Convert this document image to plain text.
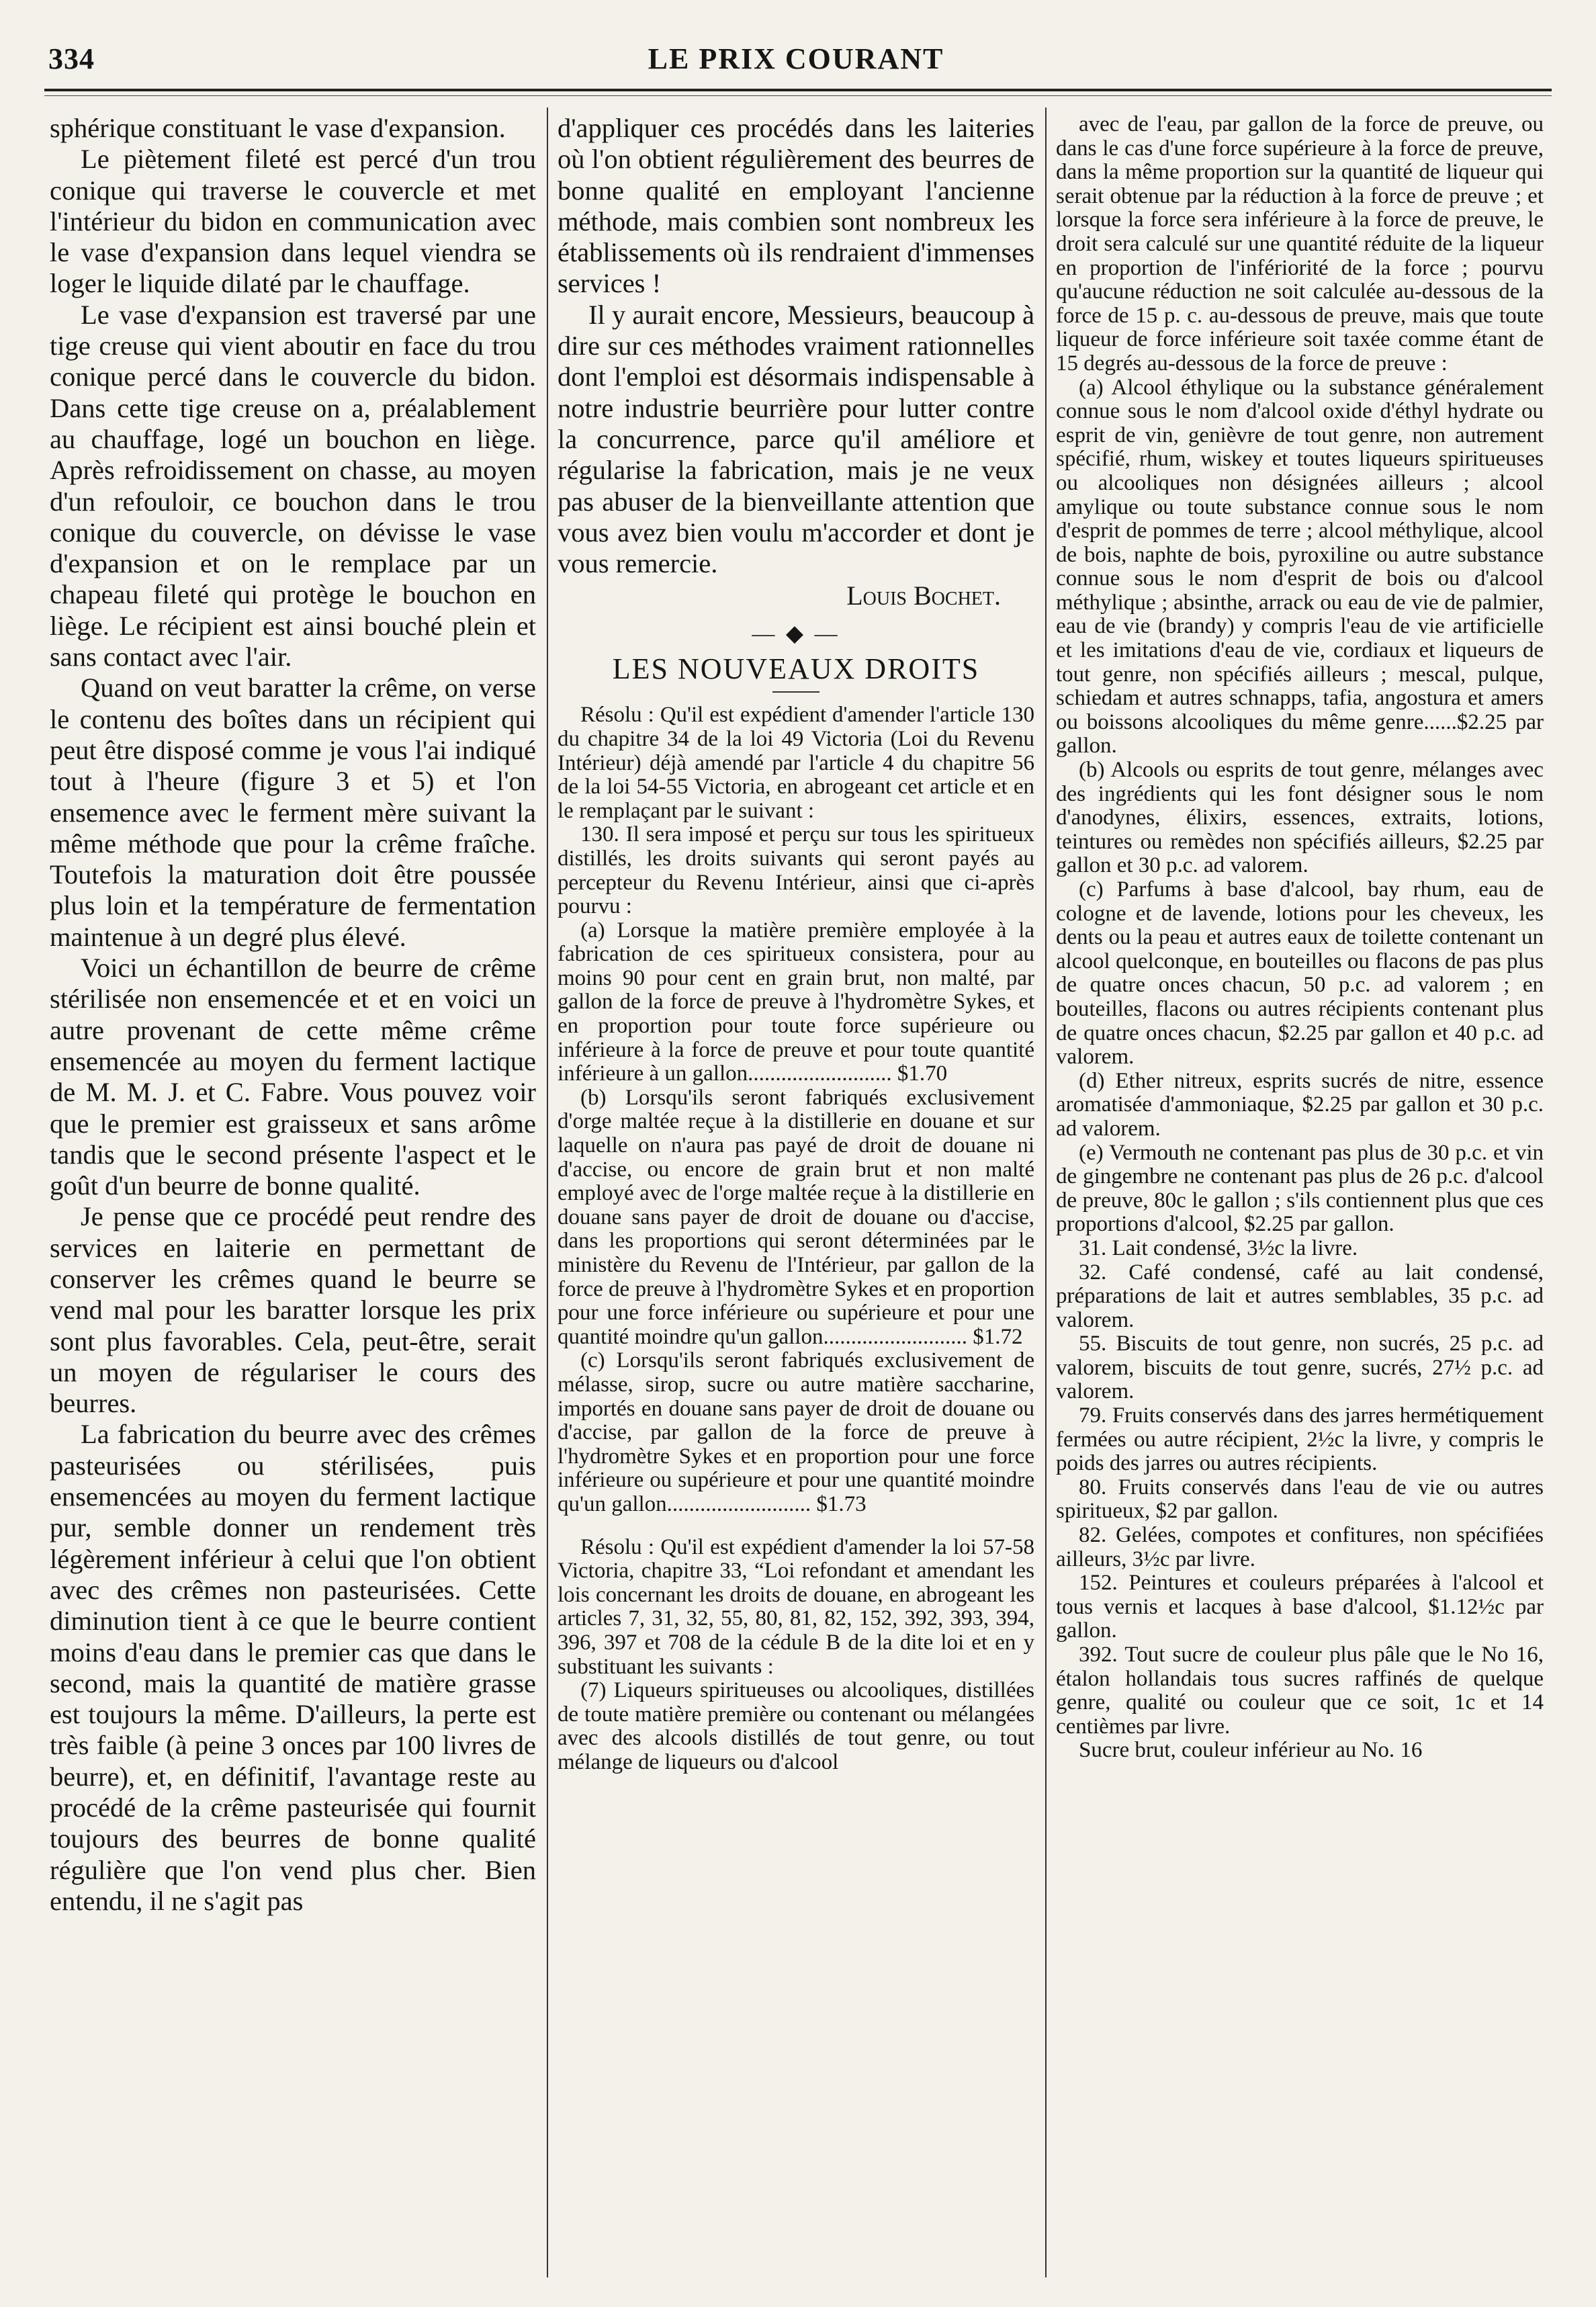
334	LE PRIX COURANT

sphérique constituant le vase d'expansion.

Le piètement fileté est percé d'un trou conique qui traverse le couvercle et met l'intérieur du bidon en communication avec le vase d'expansion dans lequel viendra se loger le liquide dilaté par le chauffage.

Le vase d'expansion est traversé par une tige creuse qui vient aboutir en face du trou conique percé dans le couvercle du bidon. Dans cette tige creuse on a, préalablement au chauffage, logé un bouchon en liège. Après refroidissement on chasse, au moyen d'un refouloir, ce bouchon dans le trou conique du couvercle, on dévisse le vase d'expansion et on le remplace par un chapeau fileté qui protège le bouchon en liège. Le récipient est ainsi bouché plein et sans contact avec l'air.

Quand on veut baratter la crême, on verse le contenu des boîtes dans un récipient qui peut être disposé comme je vous l'ai indiqué tout à l'heure (figure 3 et 5) et l'on ensemence avec le ferment mère suivant la même méthode que pour la crême fraîche. Toutefois la maturation doit être poussée plus loin et la température de fermentation maintenue à un degré plus élevé.

Voici un échantillon de beurre de crême stérilisée non ensemencée et et en voici un autre provenant de cette même crême ensemencée au moyen du ferment lactique de M. M. J. et C. Fabre. Vous pouvez voir que le premier est graisseux et sans arôme tandis que le second présente l'aspect et le goût d'un beurre de bonne qualité.

Je pense que ce procédé peut rendre des services en laiterie en permettant de conserver les crêmes quand le beurre se vend mal pour les baratter lorsque les prix sont plus favorables. Cela, peut-être, serait un moyen de régulariser le cours des beurres.

La fabrication du beurre avec des crêmes pasteurisées ou stérilisées, puis ensemencées au moyen du ferment lactique pur, semble donner un rendement très légèrement inférieur à celui que l'on obtient avec des crêmes non pasteurisées. Cette diminution tient à ce que le beurre contient moins d'eau dans le premier cas que dans le second, mais la quantité de matière grasse est toujours la même. D'ailleurs, la perte est très faible (à peine 3 onces par 100 livres de beurre), et, en définitif, l'avantage reste au procédé de la crême pasteurisée qui fournit toujours des beurres de bonne qualité régulière que l'on vend plus cher. Bien entendu, il ne s'agit pas

d'appliquer ces procédés dans les laiteries où l'on obtient régulièrement des beurres de bonne qualité en employant l'ancienne méthode, mais combien sont nombreux les établissements où ils rendraient d'immenses services !

Il y aurait encore, Messieurs, beaucoup à dire sur ces méthodes vraiment rationnelles dont l'emploi est désormais indispensable à notre industrie beurrière pour lutter contre la concurrence, parce qu'il améliore et régularise la fabrication, mais je ne veux pas abuser de la bienveillante attention que vous avez bien voulu m'accorder et dont je vous remercie.

Louis Bochet.
— ◆ —
LES NOUVEAUX DROITS

Résolu : Qu'il est expédient d'amender l'article 130 du chapitre 34 de la loi 49 Victoria (Loi du Revenu Intérieur) déjà amendé par l'article 4 du chapitre 56 de la loi 54-55 Victoria, en abrogeant cet article et en le remplaçant par le suivant :

130. Il sera imposé et perçu sur tous les spiritueux distillés, les droits suivants qui seront payés au percepteur du Revenu Intérieur, ainsi que ci-après pourvu :

(a) Lorsque la matière première employée à la fabrication de ces spiritueux consistera, pour au moins 90 pour cent en grain brut, non malté, par gallon de la force de preuve à l'hydromètre Sykes, et en proportion pour toute force supérieure ou inférieure à la force de preuve et pour toute quantité inférieure à un gallon.......................... $1.70

(b) Lorsqu'ils seront fabriqués exclusivement d'orge maltée reçue à la distillerie en douane et sur laquelle on n'aura pas payé de droit de douane ni d'accise, ou encore de grain brut et non malté employé avec de l'orge maltée reçue à la distillerie en douane sans payer de droit de douane ou d'accise, dans les proportions qui seront déterminées par le ministère du Revenu de l'Intérieur, par gallon de la force de preuve à l'hydromètre Sykes et en proportion pour une force inférieure ou supérieure et pour une quantité moindre qu'un gallon.......................... $1.72

(c) Lorsqu'ils seront fabriqués exclusivement de mélasse, sirop, sucre ou autre matière saccharine, importés en douane sans payer de droit de douane ou d'accise, par gallon de la force de preuve à l'hydromètre Sykes et en proportion pour une force inférieure ou supérieure et pour une quantité moindre qu'un gallon.......................... $1.73

Résolu : Qu'il est expédient d'amender la loi 57-58 Victoria, chapitre 33, “Loi refondant et amendant les lois concernant les droits de douane, en abrogeant les articles 7, 31, 32, 55, 80, 81, 82, 152, 392, 393, 394, 396, 397 et 708 de la cédule B de la dite loi et en y substituant les suivants :

(7) Liqueurs spiritueuses ou alcooliques, distillées de toute matière première ou contenant ou mélangées avec des alcools distillés de tout genre, ou tout mélange de liqueurs ou d'alcool

avec de l'eau, par gallon de la force de preuve, ou dans le cas d'une force supérieure à la force de preuve, dans la même proportion sur la quantité de liqueur qui serait obtenue par la réduction à la force de preuve ; et lorsque la force sera inférieure à la force de preuve, le droit sera calculé sur une quantité réduite de la liqueur en proportion de l'infériorité de la force ; pourvu qu'aucune réduction ne soit calculée au-dessous de la force de 15 p. c. au-dessous de preuve, mais que toute liqueur de force inférieure soit taxée comme étant de 15 degrés au-dessous de la force de preuve :

(a) Alcool éthylique ou la substance généralement connue sous le nom d'alcool oxide d'éthyl hydrate ou esprit de vin, genièvre de tout genre, non autrement spécifié, rhum, wiskey et toutes liqueurs spiritueuses ou alcooliques non désignées ailleurs ; alcool amylique ou toute substance connue sous le nom d'esprit de pommes de terre ; alcool méthylique, alcool de bois, naphte de bois, pyroxiline ou autre substance connue sous le nom d'esprit de bois ou d'alcool méthylique ; absinthe, arrack ou eau de vie de palmier, eau de vie (brandy) y compris l'eau de vie artificielle et les imitations d'eau de vie, cordiaux et liqueurs de tout genre, non spécifiés ailleurs ; mescal, pulque, schiedam et autres schnapps, tafia, angostura et amers ou boissons alcooliques du même genre......$2.25 par gallon.

(b) Alcools ou esprits de tout genre, mélanges avec des ingrédients qui les font désigner sous le nom d'anodynes, élixirs, essences, extraits, lotions, teintures ou remèdes non spécifiés ailleurs, $2.25 par gallon et 30 p.c. ad valorem.

(c) Parfums à base d'alcool, bay rhum, eau de cologne et de lavende, lotions pour les cheveux, les dents ou la peau et autres eaux de toilette contenant un alcool quelconque, en bouteilles ou flacons de pas plus de quatre onces chacun, 50 p.c. ad valorem ; en bouteilles, flacons ou autres récipients contenant plus de quatre onces chacun, $2.25 par gallon et 40 p.c. ad valorem.

(d) Ether nitreux, esprits sucrés de nitre, essence aromatisée d'ammoniaque, $2.25 par gallon et 30 p.c. ad valorem.

(e) Vermouth ne contenant pas plus de 30 p.c. et vin de gingembre ne contenant pas plus de 26 p.c. d'alcool de preuve, 80c le gallon ; s'ils contiennent plus que ces proportions d'alcool, $2.25 par gallon.

31. Lait condensé, 3½c la livre.

32. Café condensé, café au lait condensé, préparations de lait et autres semblables, 35 p.c. ad valorem.

55. Biscuits de tout genre, non sucrés, 25 p.c. ad valorem, biscuits de tout genre, sucrés, 27½ p.c. ad valorem.

79. Fruits conservés dans des jarres hermétiquement fermées ou autre récipient, 2½c la livre, y compris le poids des jarres ou autres récipients.

80. Fruits conservés dans l'eau de vie ou autres spiritueux, $2 par gallon.

82. Gelées, compotes et confitures, non spécifiées ailleurs, 3½c par livre.

152. Peintures et couleurs préparées à l'alcool et tous vernis et lacques à base d'alcool, $1.12½c par gallon.

392. Tout sucre de couleur plus pâle que le No 16, étalon hollandais tous sucres raffinés de quelque genre, qualité ou couleur que ce soit, 1c et 14 centièmes par livre.

Sucre brut, couleur inférieur au No. 16
